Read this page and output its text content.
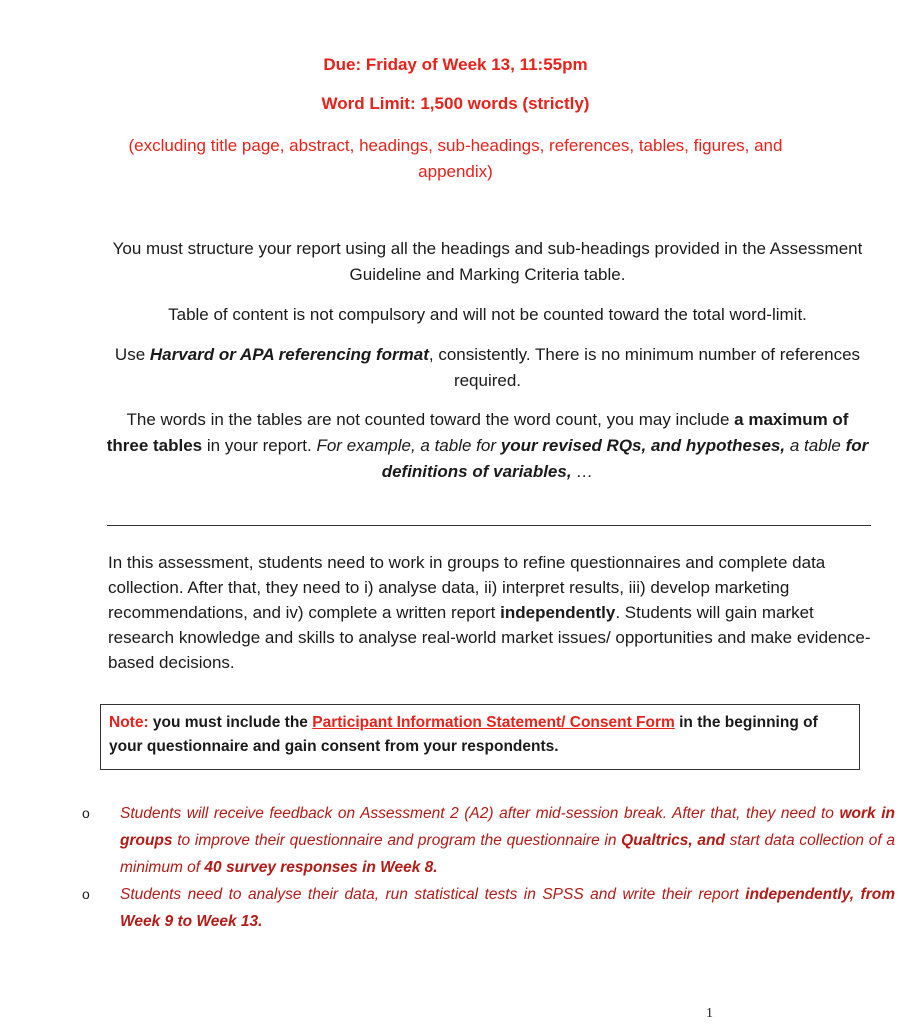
Due: Friday of Week 13, 11:55pm
Word Limit: 1,500 words (strictly)
(excluding title page, abstract, headings, sub-headings, references, tables, figures, and appendix)
You must structure your report using all the headings and sub-headings provided in the Assessment Guideline and Marking Criteria table.
Table of content is not compulsory and will not be counted toward the total word-limit.
Use Harvard or APA referencing format, consistently. There is no minimum number of references required.
The words in the tables are not counted toward the word count, you may include a maximum of three tables in your report. For example, a table for your revised RQs, and hypotheses, a table for definitions of variables, …
In this assessment, students need to work in groups to refine questionnaires and complete data collection. After that, they need to i) analyse data, ii) interpret results, iii) develop marketing recommendations, and iv) complete a written report independently. Students will gain market research knowledge and skills to analyse real-world market issues/ opportunities and make evidence-based decisions.
Note: you must include the Participant Information Statement/ Consent Form in the beginning of your questionnaire and gain consent from your respondents.
o Students will receive feedback on Assessment 2 (A2) after mid-session break. After that, they need to work in groups to improve their questionnaire and program the questionnaire in Qualtrics, and start data collection of a minimum of 40 survey responses in Week 8.
o Students need to analyse their data, run statistical tests in SPSS and write their report independently, from Week 9 to Week 13.
1
